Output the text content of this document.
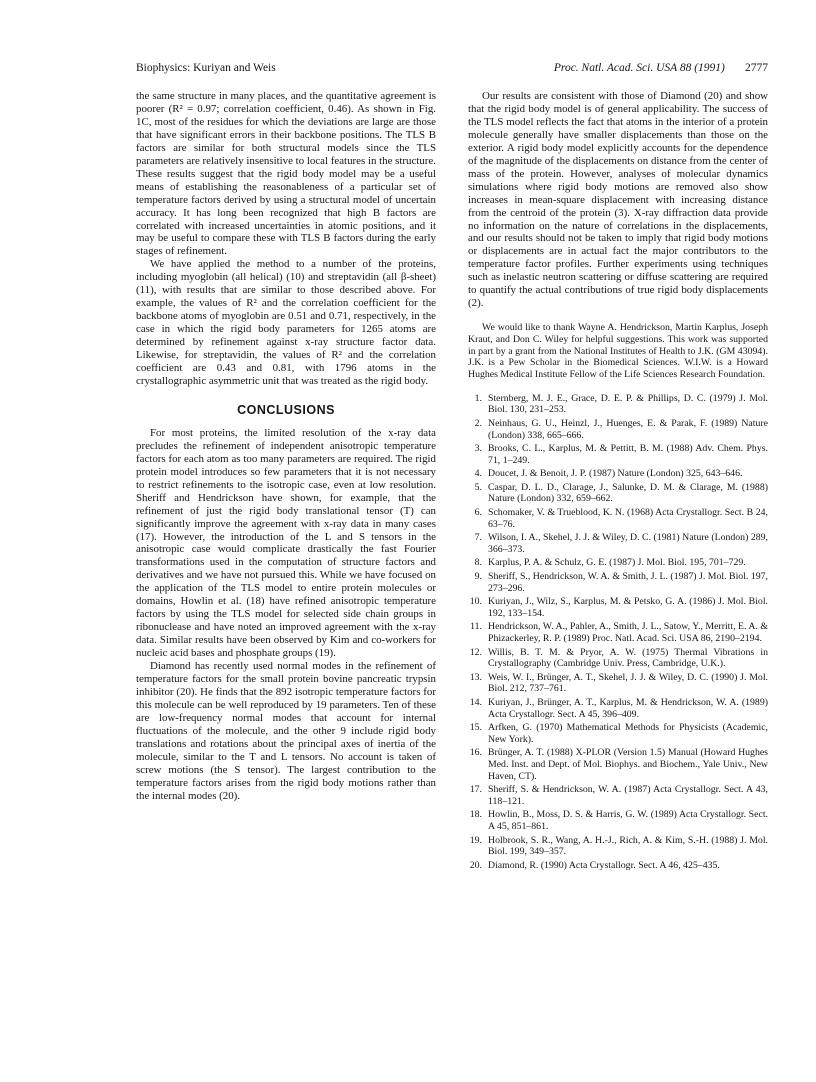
Biophysics: Kuriyan and Weis	Proc. Natl. Acad. Sci. USA 88 (1991) 2777

the same structure in many places, and the quantitative agreement is poorer (R² = 0.97; correlation coefficient, 0.46). As shown in Fig. 1C, most of the residues for which the deviations are large are those that have significant errors in their backbone positions. The TLS B factors are similar for both structural models since the TLS parameters are relatively insensitive to local features in the structure. These results suggest that the rigid body model may be a useful means of establishing the reasonableness of a particular set of temperature factors derived by using a structural model of uncertain accuracy. It has long been recognized that high B factors are correlated with increased uncertainties in atomic positions, and it may be useful to compare these with TLS B factors during the early stages of refinement.

We have applied the method to a number of the proteins, including myoglobin (all helical) (10) and streptavidin (all β-sheet) (11), with results that are similar to those described above. For example, the values of R² and the correlation coefficient for the backbone atoms of myoglobin are 0.51 and 0.71, respectively, in the case in which the rigid body parameters for 1265 atoms are determined by refinement against x-ray structure factor data. Likewise, for streptavidin, the values of R² and the correlation coefficient are 0.43 and 0.81, with 1796 atoms in the crystallographic asymmetric unit that was treated as the rigid body.

CONCLUSIONS

For most proteins, the limited resolution of the x-ray data precludes the refinement of independent anisotropic temperature factors for each atom as too many parameters are required. The rigid protein model introduces so few parameters that it is not necessary to restrict refinements to the isotropic case, even at low resolution. Sheriff and Hendrickson have shown, for example, that the refinement of just the rigid body translational tensor (T) can significantly improve the agreement with x-ray data in many cases (17). However, the introduction of the L and S tensors in the anisotropic case would complicate drastically the fast Fourier transformations used in the computation of structure factors and derivatives and we have not pursued this. While we have focused on the application of the TLS model to entire protein molecules or domains, Howlin et al. (18) have refined anisotropic temperature factors by using the TLS model for selected side chain groups in ribonuclease and have noted an improved agreement with the x-ray data. Similar results have been observed by Kim and co-workers for nucleic acid bases and phosphate groups (19).

Diamond has recently used normal modes in the refinement of temperature factors for the small protein bovine pancreatic trypsin inhibitor (20). He finds that the 892 isotropic temperature factors for this molecule can be well reproduced by 19 parameters. Ten of these are low-frequency normal modes that account for internal fluctuations of the molecule, and the other 9 include rigid body translations and rotations about the principal axes of inertia of the molecule, similar to the T and L tensors. No account is taken of screw motions (the S tensor). The largest contribution to the temperature factors arises from the rigid body motions rather than the internal modes (20).

Our results are consistent with those of Diamond (20) and show that the rigid body model is of general applicability. The success of the TLS model reflects the fact that atoms in the interior of a protein molecule generally have smaller displacements than those on the exterior. A rigid body model explicitly accounts for the dependence of the magnitude of the displacements on distance from the center of mass of the protein. However, analyses of molecular dynamics simulations where rigid body motions are removed also show increases in mean-square displacement with increasing distance from the centroid of the protein (3). X-ray diffraction data provide no information on the nature of correlations in the displacements, and our results should not be taken to imply that rigid body motions or displacements are in actual fact the major contributors to the temperature factor profiles. Further experiments using techniques such as inelastic neutron scattering or diffuse scattering are required to quantify the actual contributions of true rigid body displacements (2).

We would like to thank Wayne A. Hendrickson, Martin Karplus, Joseph Kraut, and Don C. Wiley for helpful suggestions. This work was supported in part by a grant from the National Institutes of Health to J.K. (GM 43094). J.K. is a Pew Scholar in the Biomedical Sciences. W.I.W. is a Howard Hughes Medical Institute Fellow of the Life Sciences Research Foundation.

1. Sternberg, M. J. E., Grace, D. E. P. & Phillips, D. C. (1979) J. Mol. Biol. 130, 231–253.
2. Neinhaus, G. U., Heinzl, J., Huenges, E. & Parak, F. (1989) Nature (London) 338, 665–666.
3. Brooks, C. L., Karplus, M. & Pettitt, B. M. (1988) Adv. Chem. Phys. 71, 1–249.
4. Doucet, J. & Benoit, J. P. (1987) Nature (London) 325, 643–646.
5. Caspar, D. L. D., Clarage, J., Salunke, D. M. & Clarage, M. (1988) Nature (London) 332, 659–662.
6. Schomaker, V. & Trueblood, K. N. (1968) Acta Crystallogr. Sect. B 24, 63–76.
7. Wilson, I. A., Skehel, J. J. & Wiley, D. C. (1981) Nature (London) 289, 366–373.
8. Karplus, P. A. & Schulz, G. E. (1987) J. Mol. Biol. 195, 701–729.
9. Sheriff, S., Hendrickson, W. A. & Smith, J. L. (1987) J. Mol. Biol. 197, 273–296.
10. Kuriyan, J., Wilz, S., Karplus, M. & Petsko, G. A. (1986) J. Mol. Biol. 192, 133–154.
11. Hendrickson, W. A., Pahler, A., Smith, J. L., Satow, Y., Merritt, E. A. & Phizackerley, R. P. (1989) Proc. Natl. Acad. Sci. USA 86, 2190–2194.
12. Willis, B. T. M. & Pryor, A. W. (1975) Thermal Vibrations in Crystallography (Cambridge Univ. Press, Cambridge, U.K.).
13. Weis, W. I., Brünger, A. T., Skehel, J. J. & Wiley, D. C. (1990) J. Mol. Biol. 212, 737–761.
14. Kuriyan, J., Brünger, A. T., Karplus, M. & Hendrickson, W. A. (1989) Acta Crystallogr. Sect. A 45, 396–409.
15. Arfken, G. (1970) Mathematical Methods for Physicists (Academic, New York).
16. Brünger, A. T. (1988) X-PLOR (Version 1.5) Manual (Howard Hughes Med. Inst. and Dept. of Mol. Biophys. and Biochem., Yale Univ., New Haven, CT).
17. Sheriff, S. & Hendrickson, W. A. (1987) Acta Crystallogr. Sect. A 43, 118–121.
18. Howlin, B., Moss, D. S. & Harris, G. W. (1989) Acta Crystallogr. Sect. A 45, 851–861.
19. Holbrook, S. R., Wang, A. H.-J., Rich, A. & Kim, S.-H. (1988) J. Mol. Biol. 199, 349–357.
20. Diamond, R. (1990) Acta Crystallogr. Sect. A 46, 425–435.
